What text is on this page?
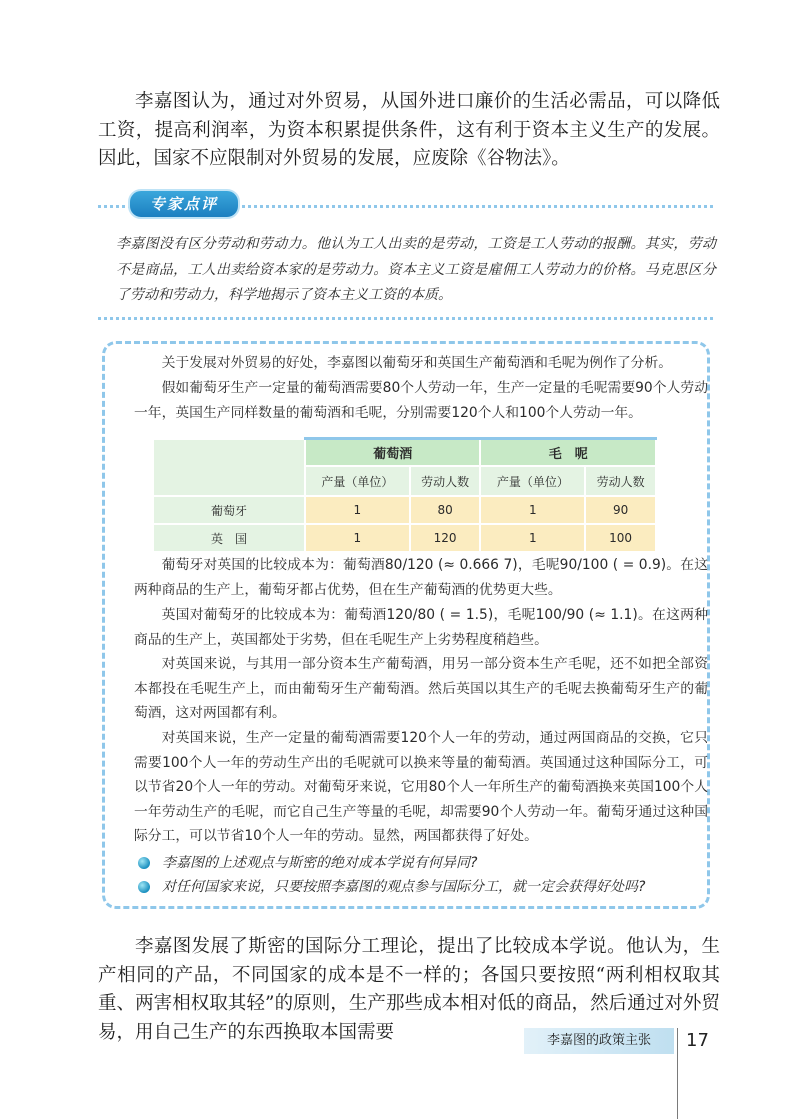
李嘉图认为，通过对外贸易，从国外进口廉价的生活必需品，可以降低工资，提高利润率，为资本积累提供条件，这有利于资本主义生产的发展。因此，国家不应限制对外贸易的发展，应废除《谷物法》。

专家点评

李嘉图没有区分劳动和劳动力。他认为工人出卖的是劳动，工资是工人劳动的报酬。其实，劳动不是商品，工人出卖给资本家的是劳动力。资本主义工资是雇佣工人劳动力的价格。马克思区分了劳动和劳动力，科学地揭示了资本主义工资的本质。

关于发展对外贸易的好处，李嘉图以葡萄牙和英国生产葡萄酒和毛呢为例作了分析。

假如葡萄牙生产一定量的葡萄酒需要80个人劳动一年，生产一定量的毛呢需要90个人劳动一年，英国生产同样数量的葡萄酒和毛呢，分别需要120个人和100个人劳动一年。

	葡萄酒		毛　呢	
	产量（单位）	劳动人数	产量（单位）	劳动人数
葡萄牙	1	80	1	90
英　国	1	120	1	100

葡萄牙对英国的比较成本为：葡萄酒80/120 (≈ 0.666 7)，毛呢90/100 ( = 0.9)。在这两种商品的生产上，葡萄牙都占优势，但在生产葡萄酒的优势更大些。

英国对葡萄牙的比较成本为：葡萄酒120/80 ( = 1.5)，毛呢100/90 (≈ 1.1)。在这两种商品的生产上，英国都处于劣势，但在毛呢生产上劣势程度稍趋些。

对英国来说，与其用一部分资本生产葡萄酒，用另一部分资本生产毛呢，还不如把全部资本都投在毛呢生产上，而由葡萄牙生产葡萄酒。然后英国以其生产的毛呢去换葡萄牙生产的葡萄酒，这对两国都有利。

对英国来说，生产一定量的葡萄酒需要120个人一年的劳动，通过两国商品的交换，它只需要100个人一年的劳动生产出的毛呢就可以换来等量的葡萄酒。英国通过这种国际分工，可以节省20个人一年的劳动。对葡萄牙来说，它用80个人一年所生产的葡萄酒换来英国100个人一年劳动生产的毛呢，而它自己生产等量的毛呢，却需要90个人劳动一年。葡萄牙通过这种国际分工，可以节省10个人一年的劳动。显然，两国都获得了好处。

李嘉图的上述观点与斯密的绝对成本学说有何异同?
对任何国家来说，只要按照李嘉图的观点参与国际分工，就一定会获得好处吗?

李嘉图发展了斯密的国际分工理论，提出了比较成本学说。他认为，生产相同的产品，不同国家的成本是不一样的；各国只要按照“两利相权取其重、两害相权取其轻”的原则，生产那些成本相对低的商品，然后通过对外贸易，用自己生产的东西换取本国需要	李嘉图的政策主张	17
